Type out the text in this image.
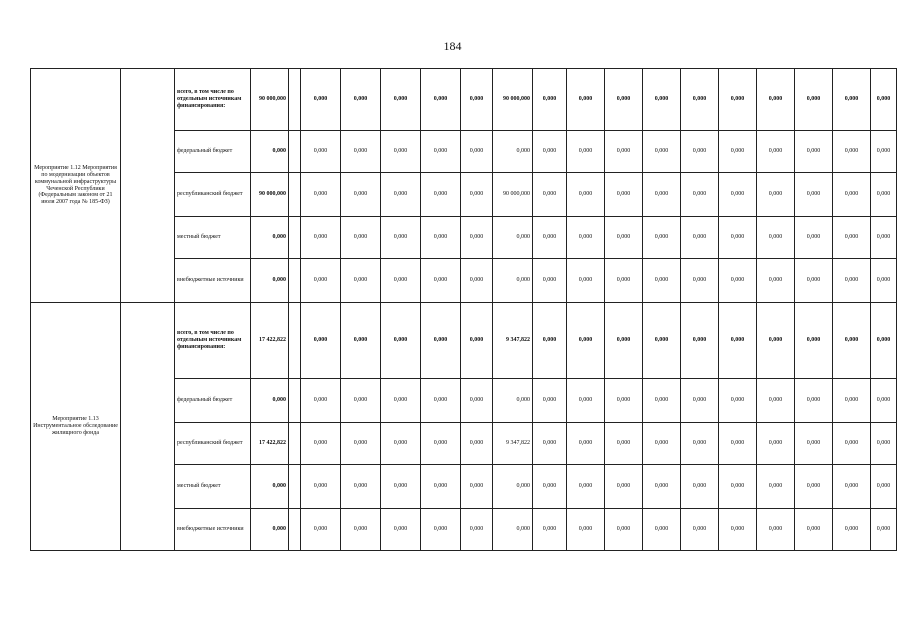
184
Мероприятие 1.12 Мероприятия по модернизации объектов коммунальной инфраструктуры Чеченской Республики (Федеральным законом от 21 июля 2007 года № 185-ФЗ)		всего, в том числе по отдельным источникам финансирования:	90 000,000		0,000	0,000	0,000	0,000	0,000	90 000,000	0,000	0,000	0,000	0,000	0,000	0,000	0,000	0,000	0,000	0,000
		федеральный бюджет	0,000		0,000	0,000	0,000	0,000	0,000	0,000	0,000	0,000	0,000	0,000	0,000	0,000	0,000	0,000	0,000	0,000
		республиканский бюджет	90 000,000		0,000	0,000	0,000	0,000	0,000	90 000,000	0,000	0,000	0,000	0,000	0,000	0,000	0,000	0,000	0,000	0,000
		местный бюджет	0,000		0,000	0,000	0,000	0,000	0,000	0,000	0,000	0,000	0,000	0,000	0,000	0,000	0,000	0,000	0,000	0,000
		внебюджетные источники	0,000		0,000	0,000	0,000	0,000	0,000	0,000	0,000	0,000	0,000	0,000	0,000	0,000	0,000	0,000	0,000	0,000
Мероприятие 1.13 Инструментальное обследование жилищного фонда		всего, в том числе по отдельным источникам финансирования:	17 422,822		0,000	0,000	0,000	0,000	0,000	9 347,822	0,000	0,000	0,000	0,000	0,000	0,000	0,000	0,000	0,000	0,000
		федеральный бюджет	0,000		0,000	0,000	0,000	0,000	0,000	0,000	0,000	0,000	0,000	0,000	0,000	0,000	0,000	0,000	0,000	0,000
		республиканский бюджет	17 422,822		0,000	0,000	0,000	0,000	0,000	9 347,822	0,000	0,000	0,000	0,000	0,000	0,000	0,000	0,000	0,000	0,000
		местный бюджет	0,000		0,000	0,000	0,000	0,000	0,000	0,000	0,000	0,000	0,000	0,000	0,000	0,000	0,000	0,000	0,000	0,000
		внебюджетные источники	0,000		0,000	0,000	0,000	0,000	0,000	0,000	0,000	0,000	0,000	0,000	0,000	0,000	0,000	0,000	0,000	0,000
